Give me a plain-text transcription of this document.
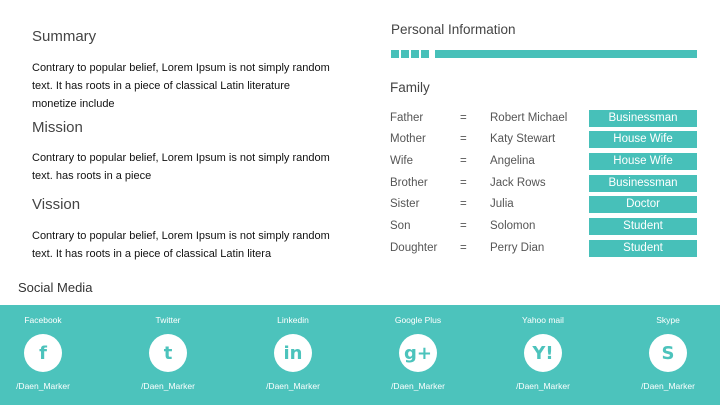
Summary
Contrary to popular belief, Lorem Ipsum is not simply random text. It has roots in a piece of classical Latin literature monetize include
Mission
Contrary to popular belief, Lorem Ipsum is not simply random text. has roots in a piece
Vission
Contrary to popular belief, Lorem Ipsum is not simply random text. It has roots in a piece of classical Latin litera
Personal Information
Family
Father	= Robert Michael	Businessman
Mother	= Katy Stewart	House Wife
Wife	= Angelina	House Wife
Brother	= Jack Rows	Businessman
Sister	= Julia	Doctor
Son	= Solomon	Student
Doughter = Perry Dian	Student
Social Media
Facebook
f
/Daen_Marker
Twitter
t
/Daen_Marker
Linkedin
in
/Daen_Marker
Google Plus
g+
/Daen_Marker
Yahoo mail
Y!
/Daen_Marker
Skype
S
/Daen_Marker
